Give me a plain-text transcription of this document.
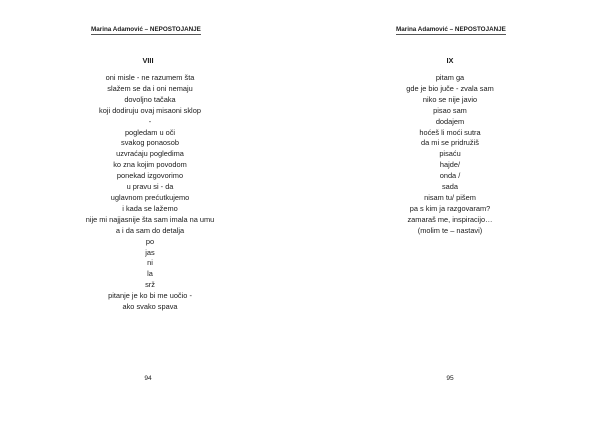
Marina Adamović – NEPOSTOJANJE
VIII
oni misle - ne razumem šta
slažem se da i oni nemaju
dovoljno tačaka
koji dodiruju ovaj misaoni sklop
-
pogledam u oči
svakog ponaosob
uzvraćaju pogledima
ko zna kojim povodom
ponekad izgovorimo
u pravu si - da
uglavnom prećutkujemo
i kada se lažemo
nije mi najjasnije šta sam imala na umu
a i da sam do detalja
po
jas
ni
la
srž
pitanje je ko bi me uočio -
ako svako spava
94
Marina Adamović – NEPOSTOJANJE
IX
pitam ga
gde je bio juče - zvala sam
niko se nije javio
pisao sam
dodajem
hoćeš li moći sutra
da mi se pridružiš
pisaću
hajde/
onda /
sada
nisam tu/ pišem
pa s kim ja razgovaram?
zamaraš me, inspiracijo…
(molim te – nastavi)
95
